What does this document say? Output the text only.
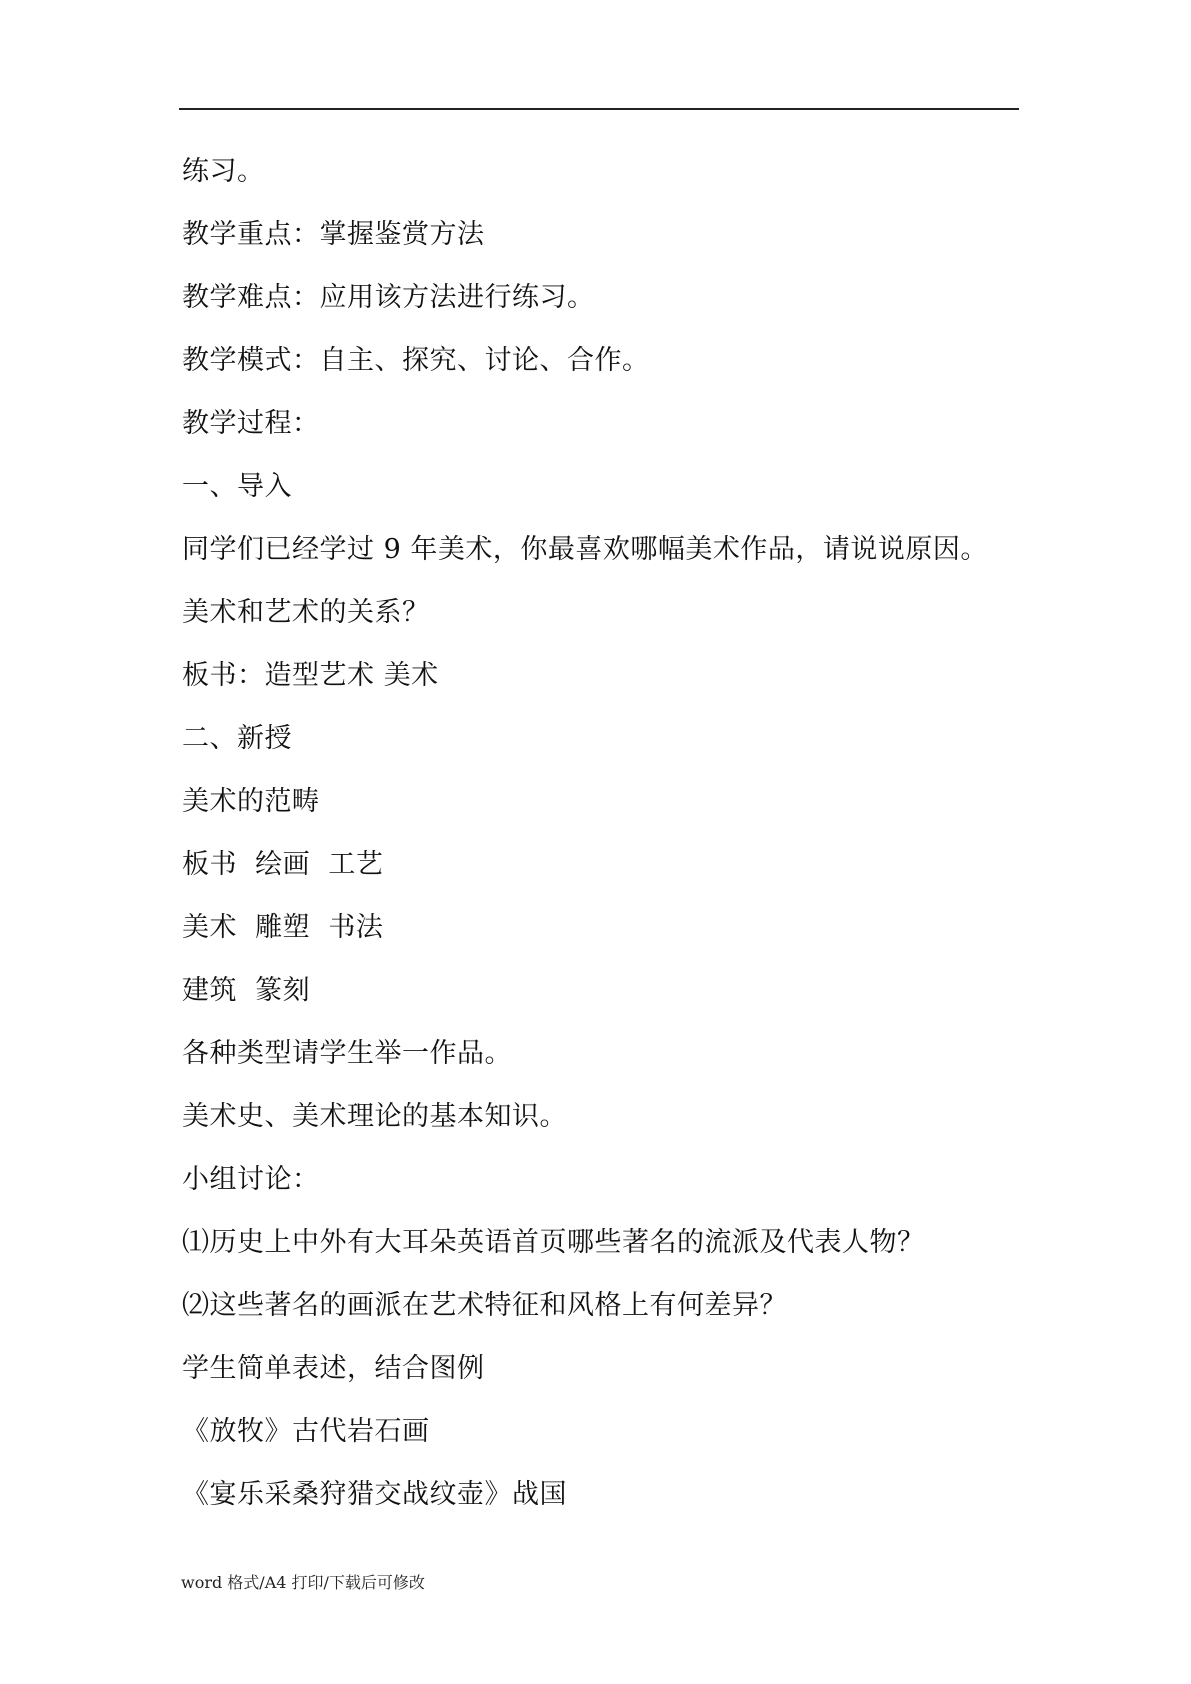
练习。
教学重点：掌握鉴赏方法
教学难点：应用该方法进行练习。
教学模式：自主、探究、讨论、合作。
教学过程：
一、导入
同学们已经学过 9 年美术，你最喜欢哪幅美术作品，请说说原因。
美术和艺术的关系？
板书：造型艺术 美术
二、新授
美术的范畴
板书  绘画  工艺
美术  雕塑  书法
建筑  篆刻
各种类型请学生举一作品。
美术史、美术理论的基本知识。
小组讨论：
⑴历史上中外有大耳朵英语首页哪些著名的流派及代表人物？
⑵这些著名的画派在艺术特征和风格上有何差异？
学生简单表述，结合图例
《放牧》古代岩石画
《宴乐采桑狩猎交战纹壶》战国
word 格式/A4 打印/下载后可修改
